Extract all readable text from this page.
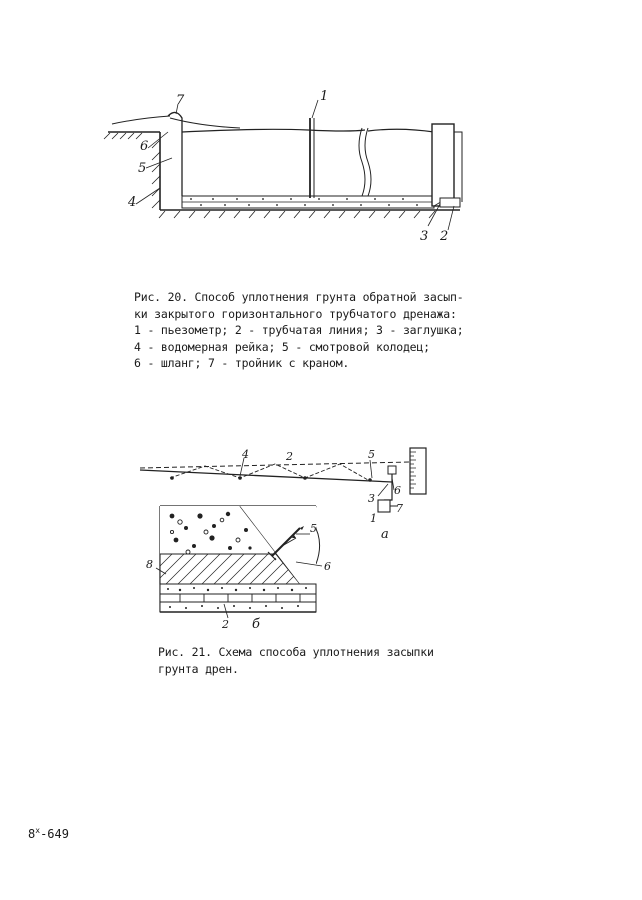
1
7
6
5
4
3 2
Рис. 20. Способ уплотнения грунта обратной засып-
ки закрытого горизонтального трубчатого дренажа:
1 - пьезометр; 2 - трубчатая линия; 3 - заглушка;
4 - водомерная рейка; 5 - смотровой колодец;
6 - шланг; 7 - тройник с краном.
4	2	5
3
6
7
1
а
5
6
8
2 б
Рис. 21. Схема способа уплотнения засыпки
грунта дрен.
$8^х-649$
